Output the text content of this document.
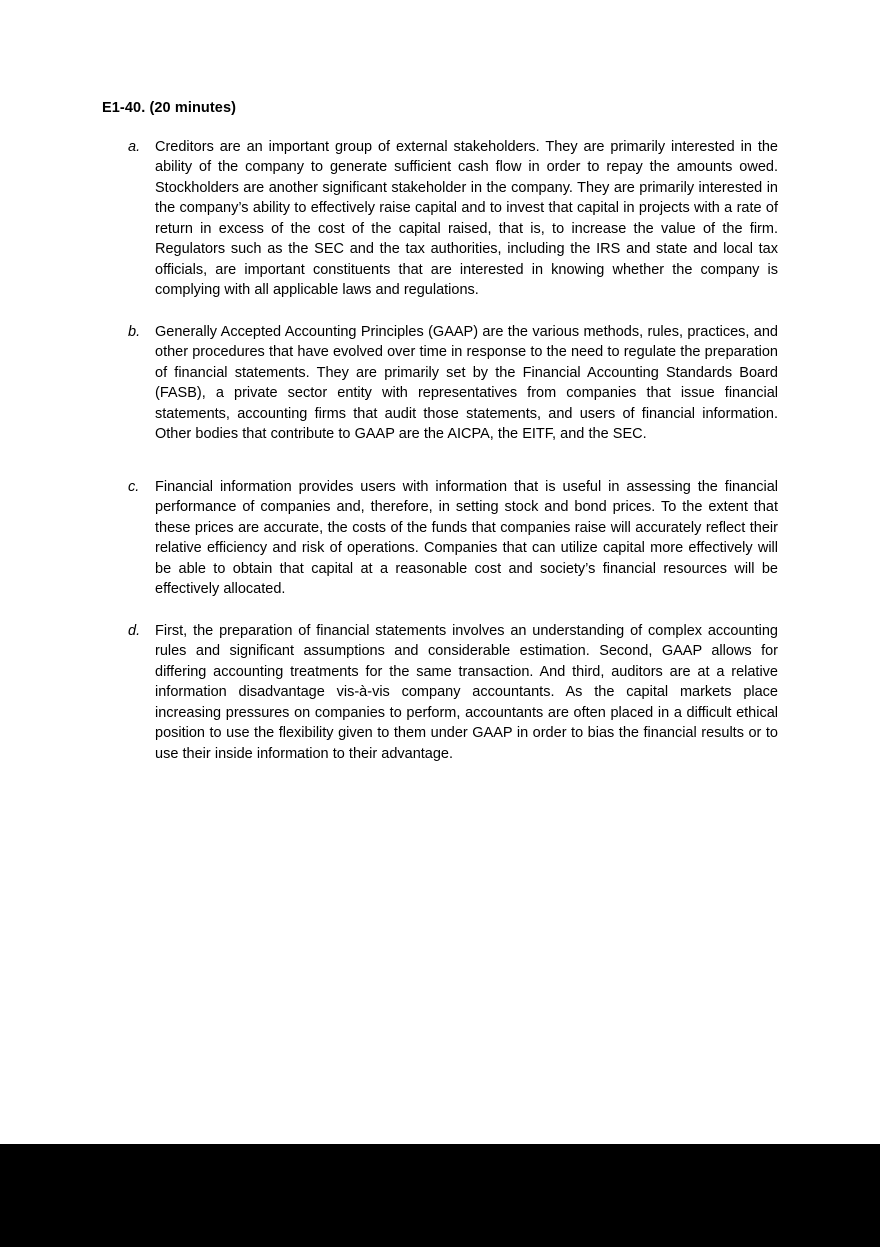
E1-40. (20 minutes)
a.	Creditors are an important group of external stakeholders. They are primarily interested in the ability of the company to generate sufficient cash flow in order to repay the amounts owed. Stockholders are another significant stakeholder in the company. They are primarily interested in the company’s ability to effectively raise capital and to invest that capital in projects with a rate of return in excess of the cost of the capital raised, that is, to increase the value of the firm. Regulators such as the SEC and the tax authorities, including the IRS and state and local tax officials, are important constituents that are interested in knowing whether the company is complying with all applicable laws and regulations.
b.	Generally Accepted Accounting Principles (GAAP) are the various methods, rules, practices, and other procedures that have evolved over time in response to the need to regulate the preparation of financial statements. They are primarily set by the Financial Accounting Standards Board (FASB), a private sector entity with representatives from companies that issue financial statements, accounting firms that audit those statements, and users of financial information. Other bodies that contribute to GAAP are the AICPA, the EITF, and the SEC.
c.	Financial information provides users with information that is useful in assessing the financial performance of companies and, therefore, in setting stock and bond prices. To the extent that these prices are accurate, the costs of the funds that companies raise will accurately reflect their relative efficiency and risk of operations. Companies that can utilize capital more effectively will be able to obtain that capital at a reasonable cost and society’s financial resources will be effectively allocated.
d.	First, the preparation of financial statements involves an understanding of complex accounting rules and significant assumptions and considerable estimation. Second, GAAP allows for differing accounting treatments for the same transaction. And third, auditors are at a relative information disadvantage vis-à-vis company accountants. As the capital markets place increasing pressures on companies to perform, accountants are often placed in a difficult ethical position to use the flexibility given to them under GAAP in order to bias the financial results or to use their inside information to their advantage.
